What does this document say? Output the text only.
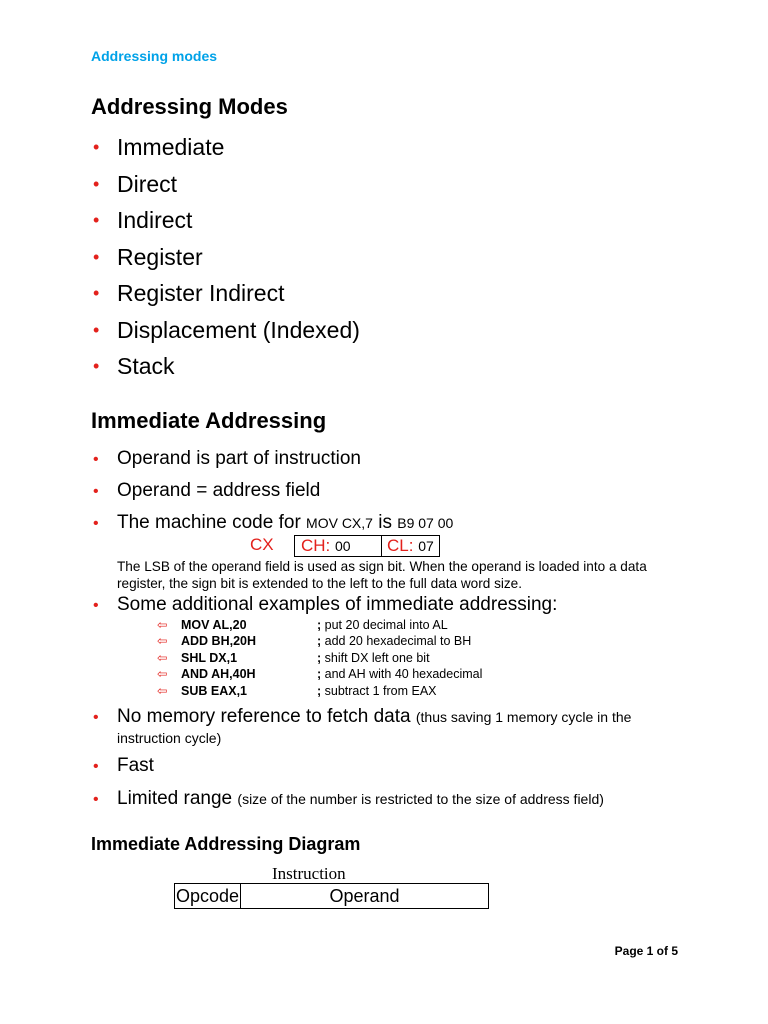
Addressing modes
Addressing Modes
• Immediate
• Direct
• Indirect
• Register
• Register Indirect
• Displacement (Indexed)
• Stack
Immediate Addressing
• Operand is part of instruction
• Operand = address field
• The machine code for MOV CX,7 is B9 07 00
CX	CH: 00	CL: 07
The LSB of the operand field is used as sign bit. When the operand is loaded into a data register, the sign bit is extended to the left to the full data word size.
• Some additional examples of immediate addressing:
⇦ MOV AL,20	; put 20 decimal into AL
⇦ ADD BH,20H	; add 20 hexadecimal to BH
⇦ SHL DX,1	; shift DX left one bit
⇦ AND AH,40H	; and AH with 40 hexadecimal
⇦ SUB EAX,1	; subtract 1 from EAX
• No memory reference to fetch data (thus saving 1 memory cycle in the
instruction cycle)
• Fast
• Limited range (size of the number is restricted to the size of address field)
Immediate Addressing Diagram
Instruction
Opcode	Operand
Page 1 of 5
